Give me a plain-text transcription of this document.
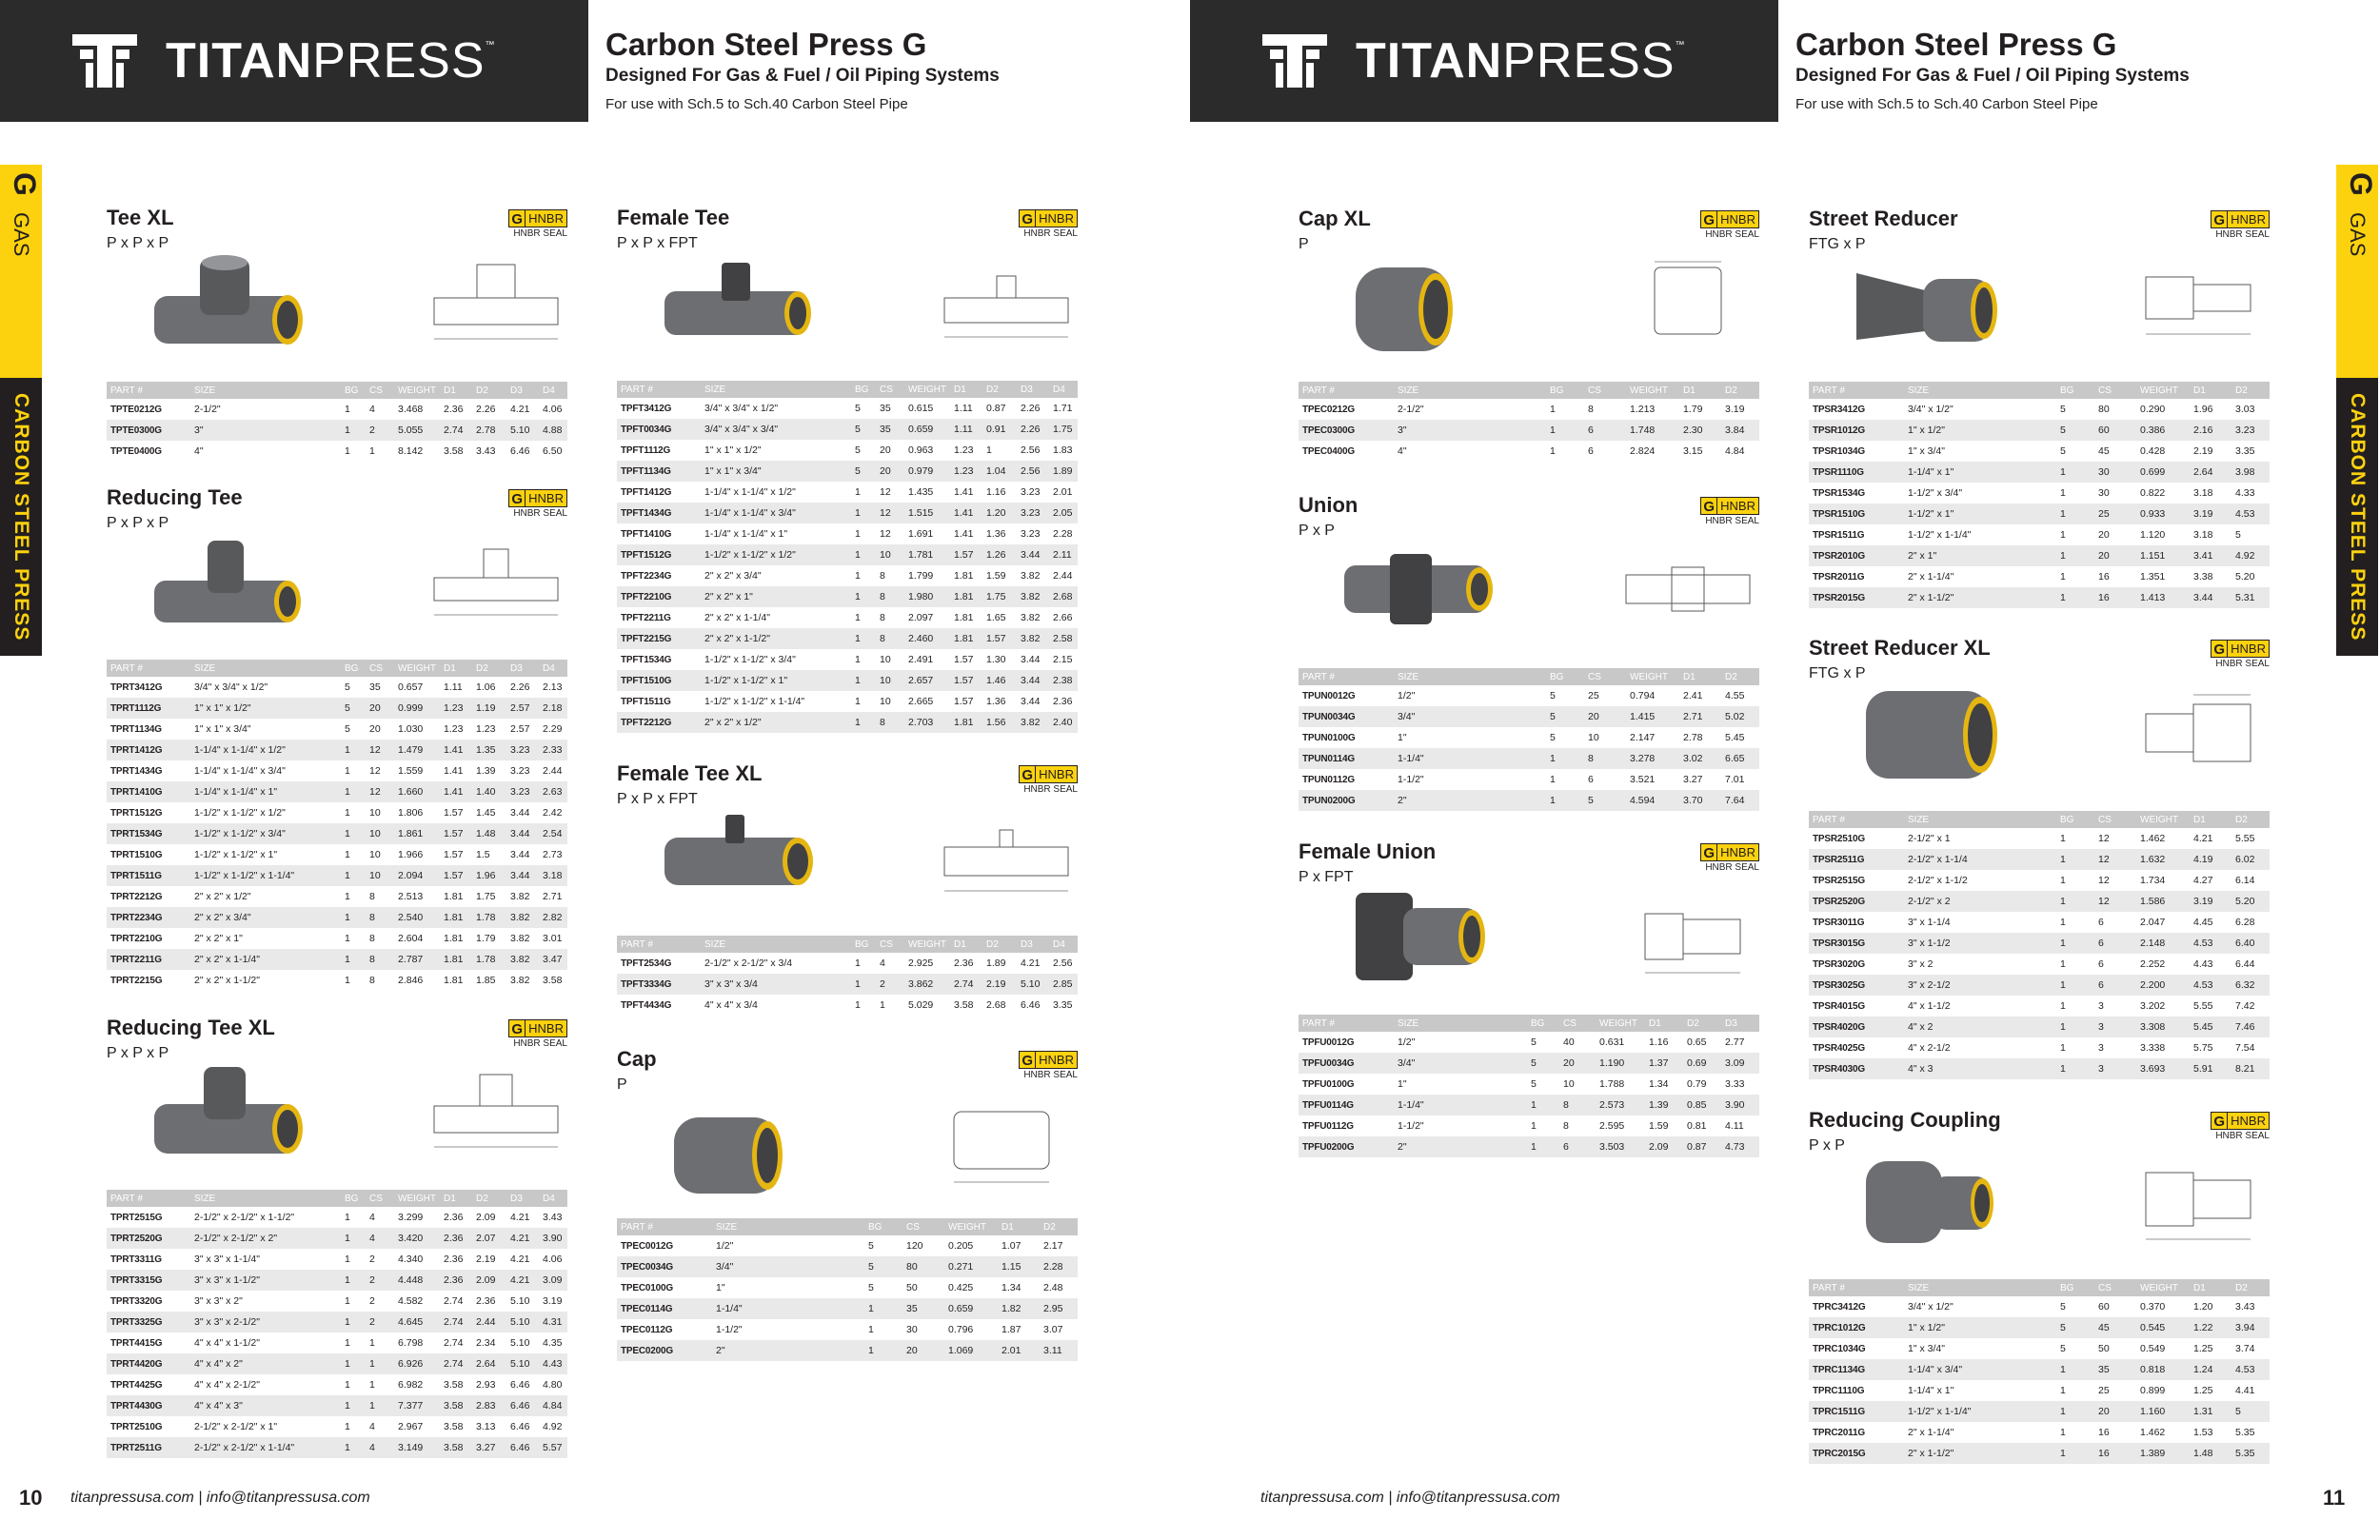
TITANPRESS™	Carbon Steel Press G
Designed For Gas & Fuel / Oil Piping Systems
For use with Sch.5 to Sch.40 Carbon Steel Pipe
G
GAS
CARBON STEEL PRESS
Tee XL
P x P x P
G HNBR
HNBR SEAL
PART #	SIZE	BG	CS	WEIGHT	D1	D2	D3	D4
TPTE0212G	2-1/2"	1	4	3.468	2.36	2.26	4.21	4.06
TPTE0300G	3"	1	2	5.055	2.74	2.78	5.10	4.88
TPTE0400G	4"	1	1	8.142	3.58	3.43	6.46	6.50
Reducing Tee
P x P x P
G HNBR
HNBR SEAL
PART #	SIZE	BG	CS	WEIGHT	D1	D2	D3	D4
TPRT3412G	3/4" x 3/4" x 1/2"	5	35	0.657	1.11	1.06	2.26	2.13
TPRT1112G	1" x 1" x 1/2"	5	20	0.999	1.23	1.19	2.57	2.18
TPRT1134G	1" x 1" x 3/4"	5	20	1.030	1.23	1.23	2.57	2.29
TPRT1412G	1-1/4" x 1-1/4" x 1/2"	1	12	1.479	1.41	1.35	3.23	2.33
TPRT1434G	1-1/4" x 1-1/4" x 3/4"	1	12	1.559	1.41	1.39	3.23	2.44
TPRT1410G	1-1/4" x 1-1/4" x 1"	1	12	1.660	1.41	1.40	3.23	2.63
TPRT1512G	1-1/2" x 1-1/2" x 1/2"	1	10	1.806	1.57	1.45	3.44	2.42
TPRT1534G	1-1/2" x 1-1/2" x 3/4"	1	10	1.861	1.57	1.48	3.44	2.54
TPRT1510G	1-1/2" x 1-1/2" x 1"	1	10	1.966	1.57	1.5	3.44	2.73
TPRT1511G	1-1/2" x 1-1/2" x 1-1/4"	1	10	2.094	1.57	1.96	3.44	3.18
TPRT2212G	2" x 2" x 1/2"	1	8	2.513	1.81	1.75	3.82	2.71
TPRT2234G	2" x 2" x 3/4"	1	8	2.540	1.81	1.78	3.82	2.82
TPRT2210G	2" x 2" x 1"	1	8	2.604	1.81	1.79	3.82	3.01
TPRT2211G	2" x 2" x 1-1/4"	1	8	2.787	1.81	1.78	3.82	3.47
TPRT2215G	2" x 2" x 1-1/2"	1	8	2.846	1.81	1.85	3.82	3.58
Reducing Tee XL
P x P x P
G HNBR
HNBR SEAL
PART #	SIZE	BG	CS	WEIGHT	D1	D2	D3	D4
TPRT2515G	2-1/2" x 2-1/2" x 1-1/2"	1	4	3.299	2.36	2.09	4.21	3.43
TPRT2520G	2-1/2" x 2-1/2" x 2"	1	4	3.420	2.36	2.07	4.21	3.90
TPRT3311G	3" x 3" x 1-1/4"	1	2	4.340	2.36	2.19	4.21	4.06
TPRT3315G	3" x 3" x 1-1/2"	1	2	4.448	2.36	2.09	4.21	3.09
TPRT3320G	3" x 3" x 2"	1	2	4.582	2.74	2.36	5.10	3.19
TPRT3325G	3" x 3" x 2-1/2"	1	2	4.645	2.74	2.44	5.10	4.31
TPRT4415G	4" x 4" x 1-1/2"	1	1	6.798	2.74	2.34	5.10	4.35
TPRT4420G	4" x 4" x 2"	1	1	6.926	2.74	2.64	5.10	4.43
TPRT4425G	4" x 4" x 2-1/2"	1	1	6.982	3.58	2.93	6.46	4.80
TPRT4430G	4" x 4" x 3"	1	1	7.377	3.58	2.83	6.46	4.84
TPRT2510G	2-1/2" x 2-1/2" x 1"	1	4	2.967	3.58	3.13	6.46	4.92
TPRT2511G	2-1/2" x 2-1/2" x 1-1/4"	1	4	3.149	3.58	3.27	6.46	5.57
Female Tee
P x P x FPT
G HNBR
HNBR SEAL
PART #	SIZE	BG	CS	WEIGHT	D1	D2	D3	D4
TPFT3412G	3/4" x 3/4" x 1/2"	5	35	0.615	1.11	0.87	2.26	1.71
TPFT0034G	3/4" x 3/4" x 3/4"	5	35	0.659	1.11	0.91	2.26	1.75
TPFT1112G	1" x 1" x 1/2"	5	20	0.963	1.23	1	2.56	1.83
TPFT1134G	1" x 1" x 3/4"	5	20	0.979	1.23	1.04	2.56	1.89
TPFT1412G	1-1/4" x 1-1/4" x 1/2"	1	12	1.435	1.41	1.16	3.23	2.01
TPFT1434G	1-1/4" x 1-1/4" x 3/4"	1	12	1.515	1.41	1.20	3.23	2.05
TPFT1410G	1-1/4" x 1-1/4" x 1"	1	12	1.691	1.41	1.36	3.23	2.28
TPFT1512G	1-1/2" x 1-1/2" x 1/2"	1	10	1.781	1.57	1.26	3.44	2.11
TPFT2234G	2" x 2" x 3/4"	1	8	1.799	1.81	1.59	3.82	2.44
TPFT2210G	2" x 2" x 1"	1	8	1.980	1.81	1.75	3.82	2.68
TPFT2211G	2" x 2" x 1-1/4"	1	8	2.097	1.81	1.65	3.82	2.66
TPFT2215G	2" x 2" x 1-1/2"	1	8	2.460	1.81	1.57	3.82	2.58
TPFT1534G	1-1/2" x 1-1/2" x 3/4"	1	10	2.491	1.57	1.30	3.44	2.15
TPFT1510G	1-1/2" x 1-1/2" x 1"	1	10	2.657	1.57	1.46	3.44	2.38
TPFT1511G	1-1/2" x 1-1/2" x 1-1/4"	1	10	2.665	1.57	1.36	3.44	2.36
TPFT2212G	2" x 2" x 1/2"	1	8	2.703	1.81	1.56	3.82	2.40
Female Tee XL
P x P x FPT
G HNBR
HNBR SEAL
PART #	SIZE	BG	CS	WEIGHT	D1	D2	D3	D4
TPFT2534G	2-1/2" x 2-1/2" x 3/4	1	4	2.925	2.36	1.89	4.21	2.56
TPFT3334G	3" x 3" x 3/4	1	2	3.862	2.74	2.19	5.10	2.85
TPFT4434G	4" x 4" x 3/4	1	1	5.029	3.58	2.68	6.46	3.35
Cap
P
G HNBR
HNBR SEAL
PART #	SIZE	BG	CS	WEIGHT	D1	D2
TPEC0012G	1/2"	5	120	0.205	1.07	2.17
TPEC0034G	3/4"	5	80	0.271	1.15	2.28
TPEC0100G	1"	5	50	0.425	1.34	2.48
TPEC0114G	1-1/4"	1	35	0.659	1.82	2.95
TPEC0112G	1-1/2"	1	30	0.796	1.87	3.07
TPEC0200G	2"	1	20	1.069	2.01	3.11
10 titanpressusa.com | info@titanpressusa.com
TITANPRESS™	Carbon Steel Press G
Designed For Gas & Fuel / Oil Piping Systems
For use with Sch.5 to Sch.40 Carbon Steel Pipe
G
GAS
CARBON STEEL PRESS
Cap XL
P
G HNBR
HNBR SEAL
PART #	SIZE	BG	CS	WEIGHT	D1	D2
TPEC0212G	2-1/2"	1	8	1.213	1.79	3.19
TPEC0300G	3"	1	6	1.748	2.30	3.84
TPEC0400G	4"	1	6	2.824	3.15	4.84
Union
P x P
G HNBR
HNBR SEAL
PART #	SIZE	BG	CS	WEIGHT	D1	D2
TPUN0012G	1/2"	5	25	0.794	2.41	4.55
TPUN0034G	3/4"	5	20	1.415	2.71	5.02
TPUN0100G	1"	5	10	2.147	2.78	5.45
TPUN0114G	1-1/4"	1	8	3.278	3.02	6.65
TPUN0112G	1-1/2"	1	6	3.521	3.27	7.01
TPUN0200G	2"	1	5	4.594	3.70	7.64
Female Union
P x FPT
G HNBR
HNBR SEAL
PART #	SIZE	BG	CS	WEIGHT	D1	D2	D3
TPFU0012G	1/2"	5	40	0.631	1.16	0.65	2.77
TPFU0034G	3/4"	5	20	1.190	1.37	0.69	3.09
TPFU0100G	1"	5	10	1.788	1.34	0.79	3.33
TPFU0114G	1-1/4"	1	8	2.573	1.39	0.85	3.90
TPFU0112G	1-1/2"	1	8	2.595	1.59	0.81	4.11
TPFU0200G	2"	1	6	3.503	2.09	0.87	4.73
Street Reducer
FTG x P
G HNBR
HNBR SEAL
PART #	SIZE	BG	CS	WEIGHT	D1	D2
TPSR3412G	3/4" x 1/2"	5	80	0.290	1.96	3.03
TPSR1012G	1" x 1/2"	5	60	0.386	2.16	3.23
TPSR1034G	1" x 3/4"	5	45	0.428	2.19	3.35
TPSR1110G	1-1/4" x 1"	1	30	0.699	2.64	3.98
TPSR1534G	1-1/2" x 3/4"	1	30	0.822	3.18	4.33
TPSR1510G	1-1/2" x 1"	1	25	0.933	3.19	4.53
TPSR1511G	1-1/2" x 1-1/4"	1	20	1.120	3.18	5
TPSR2010G	2" x 1"	1	20	1.151	3.41	4.92
TPSR2011G	2" x 1-1/4"	1	16	1.351	3.38	5.20
TPSR2015G	2" x 1-1/2"	1	16	1.413	3.44	5.31
Street Reducer XL
FTG x P
G HNBR
HNBR SEAL
PART #	SIZE	BG	CS	WEIGHT	D1	D2
TPSR2510G	2-1/2" x 1	1	12	1.462	4.21	5.55
TPSR2511G	2-1/2" x 1-1/4	1	12	1.632	4.19	6.02
TPSR2515G	2-1/2" x 1-1/2	1	12	1.734	4.27	6.14
TPSR2520G	2-1/2" x 2	1	12	1.586	3.19	5.20
TPSR3011G	3" x 1-1/4	1	6	2.047	4.45	6.28
TPSR3015G	3" x 1-1/2	1	6	2.148	4.53	6.40
TPSR3020G	3" x 2	1	6	2.252	4.43	6.44
TPSR3025G	3" x 2-1/2	1	6	2.200	4.53	6.32
TPSR4015G	4" x 1-1/2	1	3	3.202	5.55	7.42
TPSR4020G	4" x 2	1	3	3.308	5.45	7.46
TPSR4025G	4" x 2-1/2	1	3	3.338	5.75	7.54
TPSR4030G	4" x 3	1	3	3.693	5.91	8.21
Reducing Coupling
P x P
G HNBR
HNBR SEAL
PART #	SIZE	BG	CS	WEIGHT	D1	D2
TPRC3412G	3/4" x 1/2"	5	60	0.370	1.20	3.43
TPRC1012G	1" x 1/2"	5	45	0.545	1.22	3.94
TPRC1034G	1" x 3/4"	5	50	0.549	1.25	3.74
TPRC1134G	1-1/4" x 3/4"	1	35	0.818	1.24	4.53
TPRC1110G	1-1/4" x 1"	1	25	0.899	1.25	4.41
TPRC1511G	1-1/2" x 1-1/4"	1	20	1.160	1.31	5
TPRC2011G	2" x 1-1/4"	1	16	1.462	1.53	5.35
TPRC2015G	2" x 1-1/2"	1	16	1.389	1.48	5.35
titanpressusa.com | info@titanpressusa.com	11
